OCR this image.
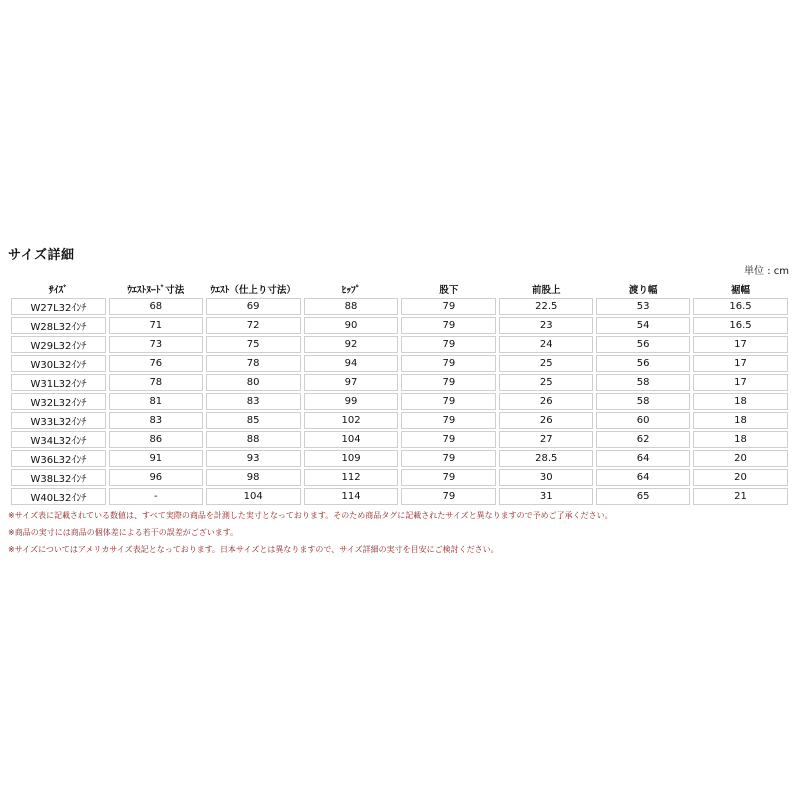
サイズ詳細
単位 : cm
ｻｲｽﾞ	ｳｴｽﾄﾇｰﾄﾞ寸法	ｳｴｽﾄ（仕上り寸法）	ﾋｯﾌﾟ	股下	前股上	渡り幅	裾幅
W27L32ｲﾝﾁ	68	69	88	79	22.5	53	16.5
W28L32ｲﾝﾁ	71	72	90	79	23	54	16.5
W29L32ｲﾝﾁ	73	75	92	79	24	56	17
W30L32ｲﾝﾁ	76	78	94	79	25	56	17
W31L32ｲﾝﾁ	78	80	97	79	25	58	17
W32L32ｲﾝﾁ	81	83	99	79	26	58	18
W33L32ｲﾝﾁ	83	85	102	79	26	60	18
W34L32ｲﾝﾁ	86	88	104	79	27	62	18
W36L32ｲﾝﾁ	91	93	109	79	28.5	64	20
W38L32ｲﾝﾁ	96	98	112	79	30	64	20
W40L32ｲﾝﾁ	-	104	114	79	31	65	21
※サイズ表に記載されている数値は、すべて実際の商品を計測した実寸となっております。そのため商品タグに記載されたサイズと異なりますので予めご了承ください。
※商品の実寸には商品の個体差による若干の誤差がございます。
※サイズについてはアメリカサイズ表記となっております。日本サイズとは異なりますので、サイズ詳細の実寸を目安にご検討ください。
